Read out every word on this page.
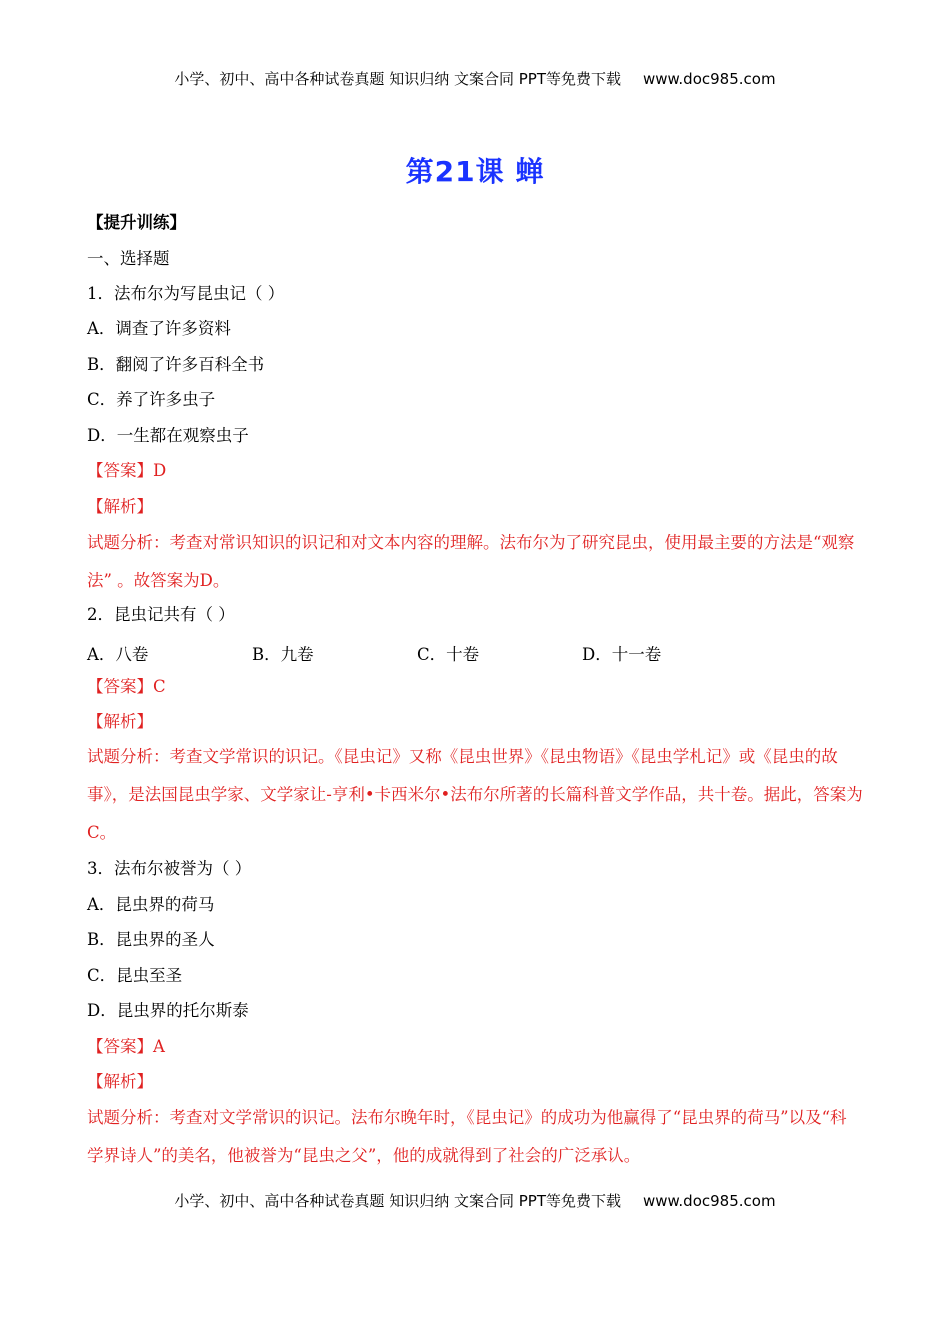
小学、初中、高中各种试卷真题 知识归纳 文案合同 PPT等免费下载 www.doc985.com
第21课 蝉
【提升训练】
一、选择题
1．法布尔为写昆虫记（ ）
A．调查了许多资料
B．翻阅了许多百科全书
C．养了许多虫子
D．一生都在观察虫子
【答案】D
【解析】
试题分析：考查对常识知识的识记和对文本内容的理解。法布尔为了研究昆虫，使用最主要的方法是“观察法” 。故答案为D。
2．昆虫记共有（ ）
A．八卷	B．九卷	C．十卷	D．十一卷
【答案】C
【解析】
试题分析：考查文学常识的识记。《昆虫记》又称《昆虫世界》《昆虫物语》《昆虫学札记》或《昆虫的故事》，是法国昆虫学家、文学家让-亨利•卡西米尔•法布尔所著的长篇科普文学作品，共十卷。据此，答案为C。
3．法布尔被誉为（ ）
A．昆虫界的荷马
B．昆虫界的圣人
C．昆虫至圣
D．昆虫界的托尔斯泰
【答案】A
【解析】
试题分析：考查对文学常识的识记。法布尔晚年时，《昆虫记》的成功为他赢得了“昆虫界的荷马”以及“科学界诗人”的美名，他被誉为“昆虫之父”，他的成就得到了社会的广泛承认。
小学、初中、高中各种试卷真题 知识归纳 文案合同 PPT等免费下载 www.doc985.com
